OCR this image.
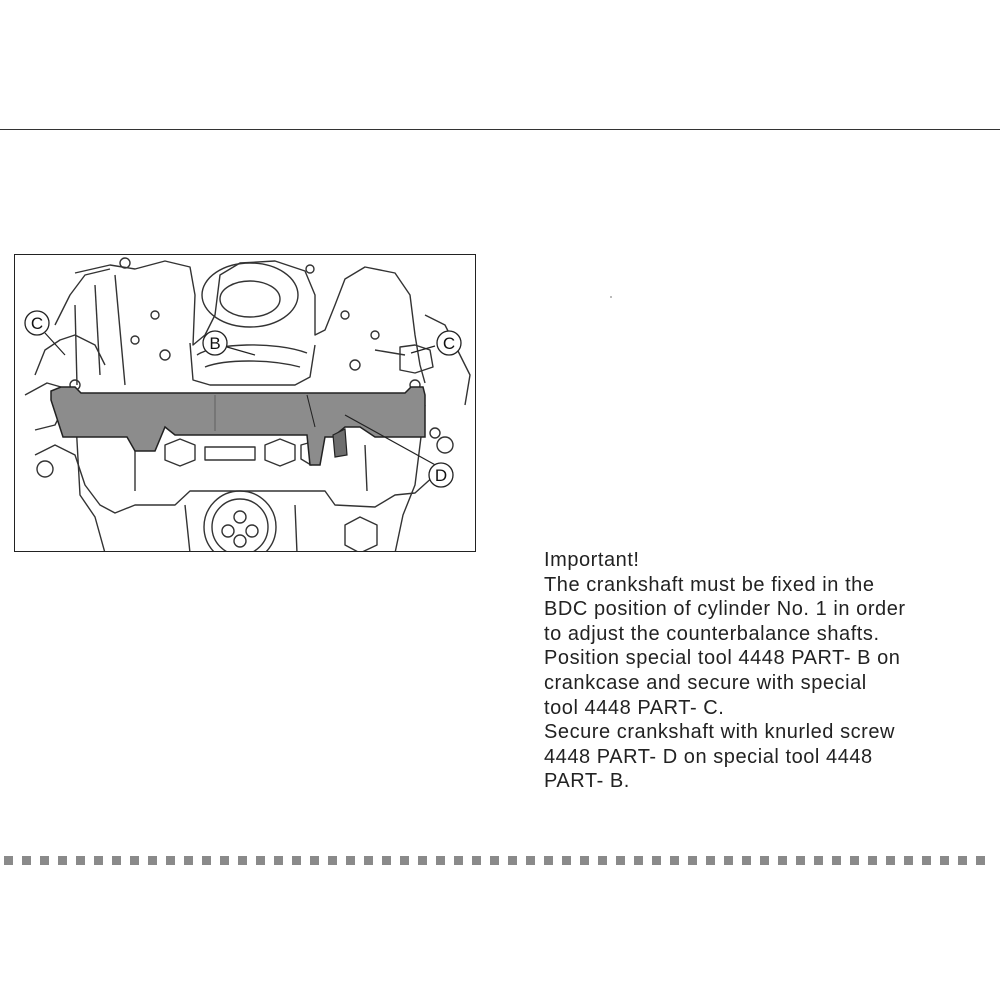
C
B	C
D
Important!
The crankshaft must be fixed in the
BDC position of cylinder No. 1 in order
to adjust the counterbalance shafts.
Position special tool 4448 PART- B on
crankcase and secure with special
tool 4448 PART- C.
Secure crankshaft with knurled screw
4448 PART- D on special tool 4448
PART- B.
